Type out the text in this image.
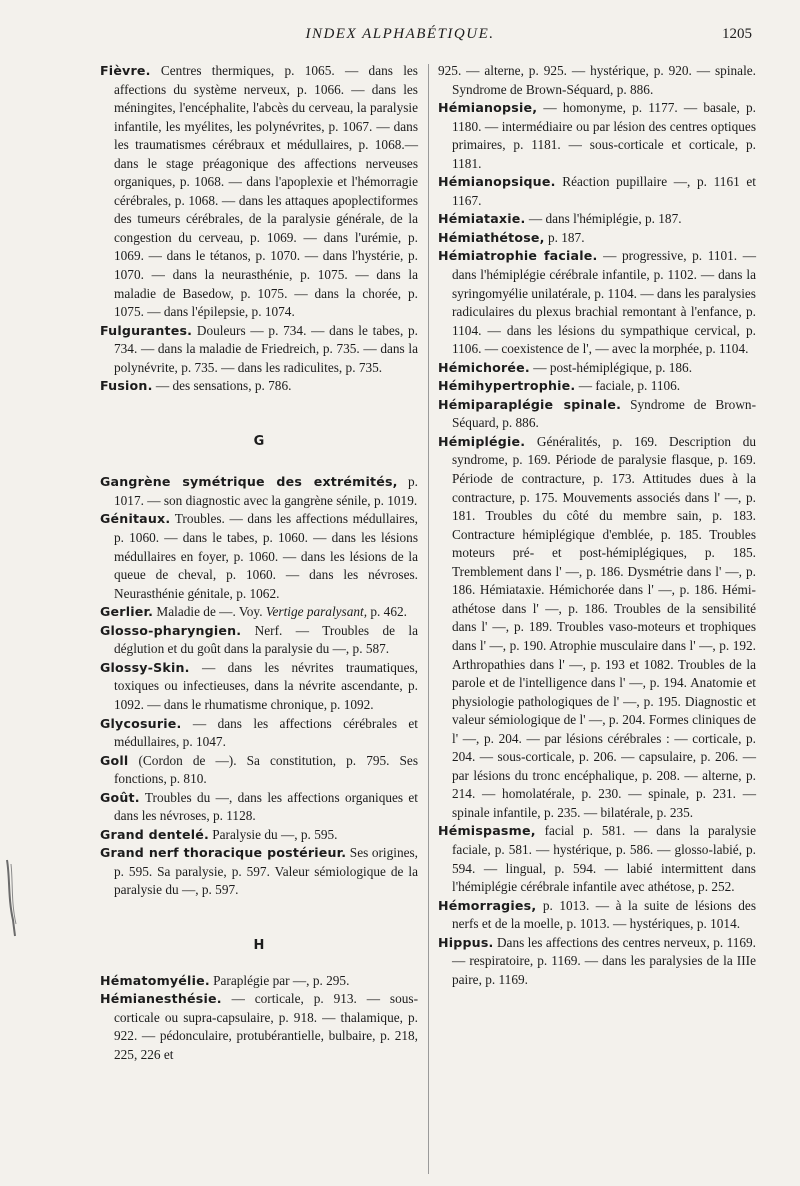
INDEX ALPHABÉTIQUE.	1205

Fièvre. Centres thermiques, p. 1065. — dans les affections du système nerveux, p. 1066. — dans les méningites, l'encéphalite, l'abcès du cerveau, la paralysie infantile, les myélites, les polynévrites, p. 1067. — dans les traumatismes cérébraux et médullaires, p. 1068.— dans le stage préagonique des affections nerveuses organiques, p. 1068. — dans l'apoplexie et l'hémorragie cérébrales, p. 1068. — dans les attaques apoplectiformes des tumeurs cérébrales, de la paralysie générale, de la congestion du cerveau, p. 1069. — dans l'urémie, p. 1069. — dans le tétanos, p. 1070. — dans l'hystérie, p. 1070. — dans la neurasthénie, p. 1075. — dans la maladie de Basedow, p. 1075. — dans la chorée, p. 1075. — dans l'épilepsie, p. 1074.

Fulgurantes. Douleurs — p. 734. — dans le tabes, p. 734. — dans la maladie de Friedreich, p. 735. — dans la polynévrite, p. 735. — dans les radiculites, p. 735.

Fusion. — des sensations, p. 786.

G

Gangrène symétrique des extrémités, p. 1017. — son diagnostic avec la gangrène sénile, p. 1019.

Génitaux. Troubles. — dans les affections médullaires, p. 1060. — dans le tabes, p. 1060. — dans les lésions médullaires en foyer, p. 1060. — dans les lésions de la queue de cheval, p. 1060. — dans les névroses. Neurasthénie génitale, p. 1062.

Gerlier. Maladie de —. Voy. Vertige paralysant, p. 462.

Glosso-pharyngien. Nerf. — Troubles de la déglution et du goût dans la paralysie du —, p. 587.

Glossy-Skin. — dans les névrites traumatiques, toxiques ou infectieuses, dans la névrite ascendante, p. 1092. — dans le rhumatisme chronique, p. 1092.

Glycosurie. — dans les affections cérébrales et médullaires, p. 1047.

Goll (Cordon de —). Sa constitution, p. 795. Ses fonctions, p. 810.

Goût. Troubles du —, dans les affections organiques et dans les névroses, p. 1128.

Grand dentelé. Paralysie du —, p. 595.

Grand nerf thoracique postérieur. Ses origines, p. 595. Sa paralysie, p. 597. Valeur sémiologique de la paralysie du —, p. 597.

H

Hématomyélie. Paraplégie par —, p. 295.

Hémianesthésie. — corticale, p. 913. — sous-corticale ou supra-capsulaire, p. 918. — thalamique, p. 922. — pédonculaire, protubérantielle, bulbaire, p. 218, 225, 226 et

925. — alterne, p. 925. — hystérique, p. 920. — spinale. Syndrome de Brown-Séquard, p. 886.

Hémianopsie, — homonyme, p. 1177. — basale, p. 1180. — intermédiaire ou par lésion des centres optiques primaires, p. 1181. — sous-corticale et corticale, p. 1181.

Hémianopsique. Réaction pupillaire —, p. 1161 et 1167.

Hémiataxie. — dans l'hémiplégie, p. 187.

Hémiathétose, p. 187.

Hémiatrophie faciale. — progressive, p. 1101. — dans l'hémiplégie cérébrale infantile, p. 1102. — dans la syringomyélie unilatérale, p. 1104. — dans les paralysies radiculaires du plexus brachial remontant à l'enfance, p. 1104. — dans les lésions du sympathique cervical, p. 1106. — coexistence de l', — avec la morphée, p. 1104.

Hémichorée. — post-hémiplégique, p. 186.

Hémihypertrophie. — faciale, p. 1106.

Hémiparaplégie spinale. Syndrome de Brown-Séquard, p. 886.

Hémiplégie. Généralités, p. 169. Description du syndrome, p. 169. Période de paralysie flasque, p. 169. Période de contracture, p. 173. Attitudes dues à la contracture, p. 175. Mouvements associés dans l' —, p. 181. Troubles du côté du membre sain, p. 183. Contracture hémiplégique d'emblée, p. 185. Troubles moteurs pré- et post-hémiplégiques, p. 185. Tremblement dans l' —, p. 186. Dysmétrie dans l' —, p. 186. Hémiataxie. Hémichorée dans l' —, p. 186. Hémi-athétose dans l' —, p. 186. Troubles de la sensibilité dans l' —, p. 189. Troubles vaso-moteurs et trophiques dans l' —, p. 190. Atrophie musculaire dans l' —, p. 192. Arthropathies dans l' —, p. 193 et 1082. Troubles de la parole et de l'intelligence dans l' —, p. 194. Anatomie et physiologie pathologiques de l' —, p. 195. Diagnostic et valeur sémiologique de l' —, p. 204. Formes cliniques de l' —, p. 204. — par lésions cérébrales : — corticale, p. 204. — sous-corticale, p. 206. — capsulaire, p. 206. — par lésions du tronc encéphalique, p. 208. — alterne, p. 214. — homolatérale, p. 230. — spinale, p. 231. — spinale infantile, p. 235. — bilatérale, p. 235.

Hémispasme, facial p. 581. — dans la paralysie faciale, p. 581. — hystérique, p. 586. — glosso-labié, p. 594. — lingual, p. 594. — labié intermittent dans l'hémiplégie cérébrale infantile avec athétose, p. 252.

Hémorragies, p. 1013. — à la suite de lésions des nerfs et de la moelle, p. 1013. — hystériques, p. 1014.

Hippus. Dans les affections des centres nerveux, p. 1169. — respiratoire, p. 1169. — dans les paralysies de la IIIe paire, p. 1169.
